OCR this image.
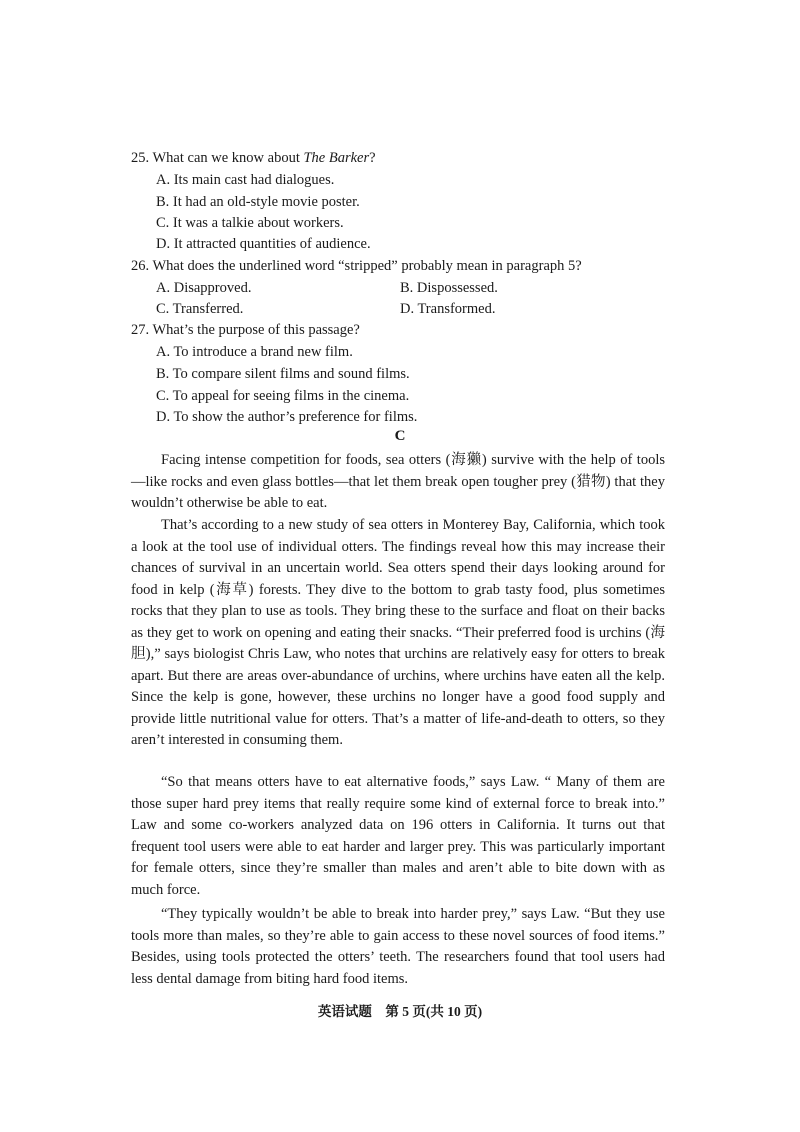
25. What can we know about The Barker?
A. Its main cast had dialogues.
B. It had an old-style movie poster.
C. It was a talkie about workers.
D. It attracted quantities of audience.
26. What does the underlined word “stripped” probably mean in paragraph 5?
A. Disapproved.	B. Dispossessed.
C. Transferred.	D. Transformed.
27. What’s the purpose of this passage?
A. To introduce a brand new film.
B. To compare silent films and sound films.
C. To appeal for seeing films in the cinema.
D. To show the author’s preference for films.
C

Facing intense competition for foods, sea otters (海獭) survive with the help of tools—like rocks and even glass bottles—that let them break open tougher prey (猎物) that they wouldn’t otherwise be able to eat.

That’s according to a new study of sea otters in Monterey Bay, California, which took a look at the tool use of individual otters. The findings reveal how this may increase their chances of survival in an uncertain world. Sea otters spend their days looking around for food in kelp (海草) forests. They dive to the bottom to grab tasty food, plus sometimes rocks that they plan to use as tools. They bring these to the surface and float on their backs as they get to work on opening and eating their snacks. “Their preferred food is urchins (海胆),” says biologist Chris Law, who notes that urchins are relatively easy for otters to break apart. But there are areas over-abundance of urchins, where urchins have eaten all the kelp. Since the kelp is gone, however, these urchins no longer have a good food supply and provide little nutritional value for otters. That’s a matter of life-and-death to otters, so they aren’t interested in consuming them.

“So that means otters have to eat alternative foods,” says Law. “ Many of them are those super hard prey items that really require some kind of external force to break into.” Law and some co-workers analyzed data on 196 otters in California. It turns out that frequent tool users were able to eat harder and larger prey. This was particularly important for female otters, since they’re smaller than males and aren’t able to bite down with as much force.

“They typically wouldn’t be able to break into harder prey,” says Law. “But they use tools more than males, so they’re able to gain access to these novel sources of food items.” Besides, using tools protected the otters’ teeth. The researchers found that tool users had less dental damage from biting hard food items.

英语试题　第 5 页(共 10 页)
